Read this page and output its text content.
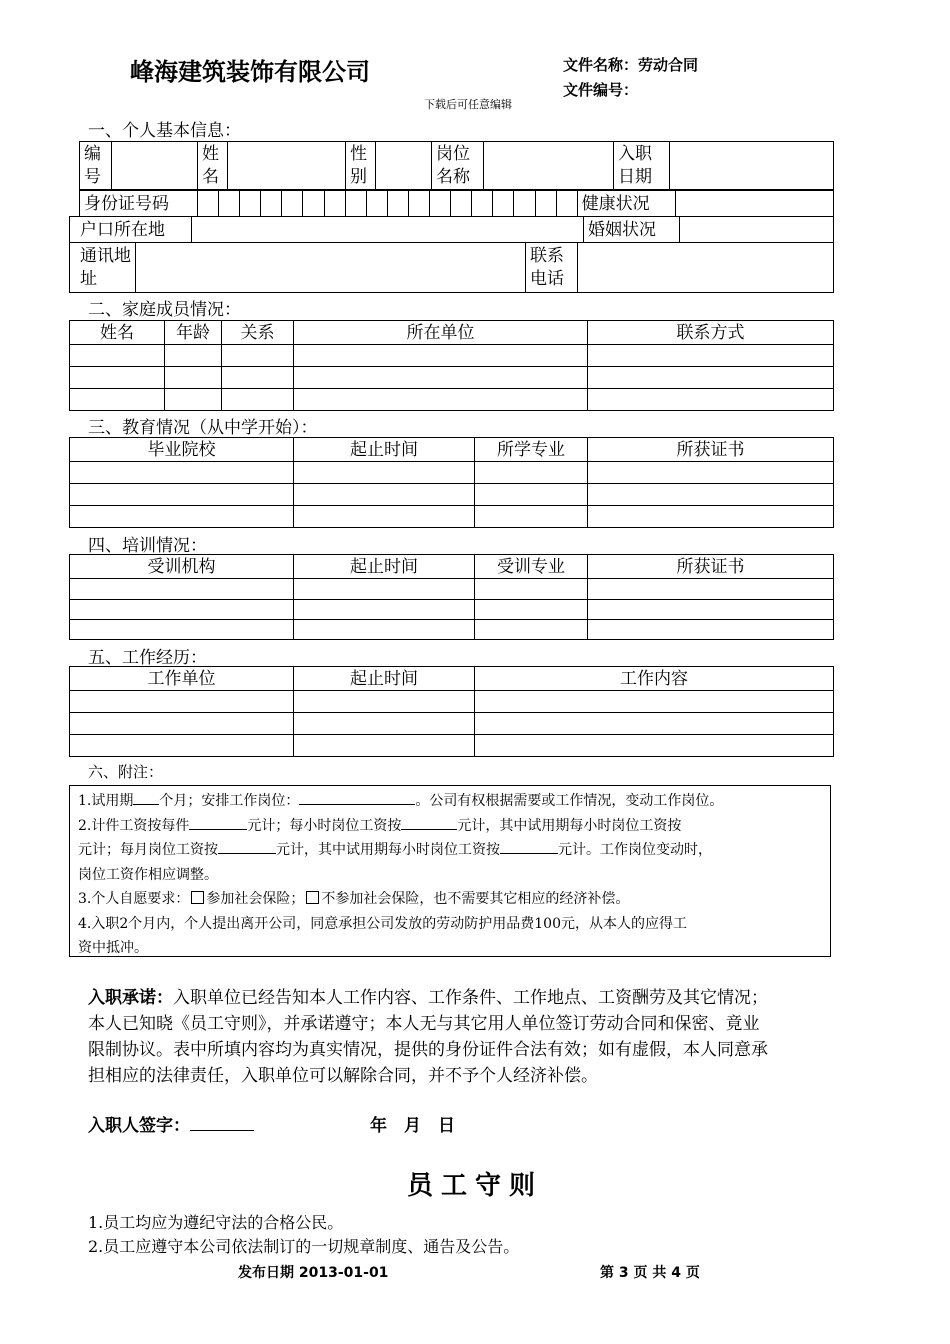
峰海建筑装饰有限公司	文件名称：劳动合同
文件编号：
下载后可任意编辑
一、个人基本信息：
编号		姓名		性别		岗位名称		入职日期	
身份证号码																			健康状况	
户口所在地		婚姻状况	
通讯地址		联系电话	
二、家庭成员情况：
姓名	年龄	关系	所在单位	联系方式

三、教育情况（从中学开始）：
毕业院校	起止时间	所学专业	所获证书

四、培训情况：
受训机构	起止时间	受训专业	所获证书

五、工作经历：
工作单位	起止时间	工作内容

六、附注：

1.试用期 个月；安排工作岗位：	。公司有权根据需要或工作情况，变动工作岗位。

2.计件工资按每件	元计；每小时岗位工资按	元计，其中试用期每小时岗位工资按

元计；每月岗位工资按	元计，其中试用期每小时岗位工资按	元计。工作岗位变动时，

岗位工资作相应调整。

3.个人自愿要求： 参加社会保险； 不参加社会保险，也不需要其它相应的经济补偿。

4.入职2个月内，个人提出离开公司，同意承担公司发放的劳动防护用品费100元，从本人的应得工

资中抵冲。

入职承诺：入职单位已经告知本人工作内容、工作条件、工作地点、工资酬劳及其它情况；
本人已知晓《员工守则》，并承诺遵守；本人无与其它用人单位签订劳动合同和保密、竟业
限制协议。表中所填内容均为真实情况，提供的身份证件合法有效；如有虚假，本人同意承
担相应的法律责任，入职单位可以解除合同，并不予个人经济补偿。
入职人签字：	年　月　日
员工守则
1.员工均应为遵纪守法的合格公民。
2.员工应遵守本公司依法制订的一切规章制度、通告及公告。
发布日期 2013-01-01	第 3 页 共 4 页
